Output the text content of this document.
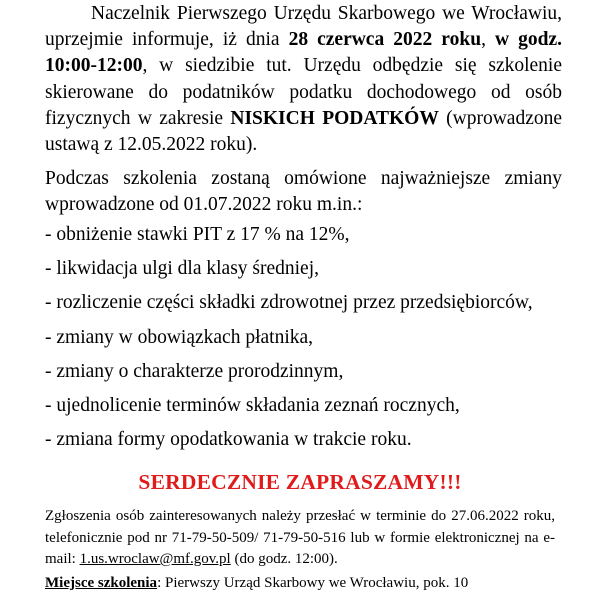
Naczelnik Pierwszego Urzędu Skarbowego we Wrocławiu, uprzejmie informuje, iż dnia 28 czerwca 2022 roku, w godz. 10:00-12:00, w siedzibie tut. Urzędu odbędzie się szkolenie skierowane do podatników podatku dochodowego od osób fizycznych w zakresie NISKICH PODATKÓW (wprowadzone ustawą z 12.05.2022 roku).

Podczas szkolenia zostaną omówione najważniejsze zmiany wprowadzone od 01.07.2022 roku m.in.:

- obniżenie stawki PIT z 17 % na 12%,
- likwidacja ulgi dla klasy średniej,
- rozliczenie części składki zdrowotnej przez przedsiębiorców,
- zmiany w obowiązkach płatnika,
- zmiany o charakterze prorodzinnym,
- ujednolicenie terminów składania zeznań rocznych,
- zmiana formy opodatkowania w trakcie roku.

SERDECZNIE ZAPRASZAMY!!!

Zgłoszenia osób zainteresowanych należy przesłać w terminie do 27.06.2022 roku, telefonicznie pod nr 71-79-50-509/ 71-79-50-516 lub w formie elektronicznej na e-mail: 1.us.wroclaw@mf.gov.pl (do godz. 12:00).

Miejsce szkolenia: Pierwszy Urząd Skarbowy we Wrocławiu, pok. 10
